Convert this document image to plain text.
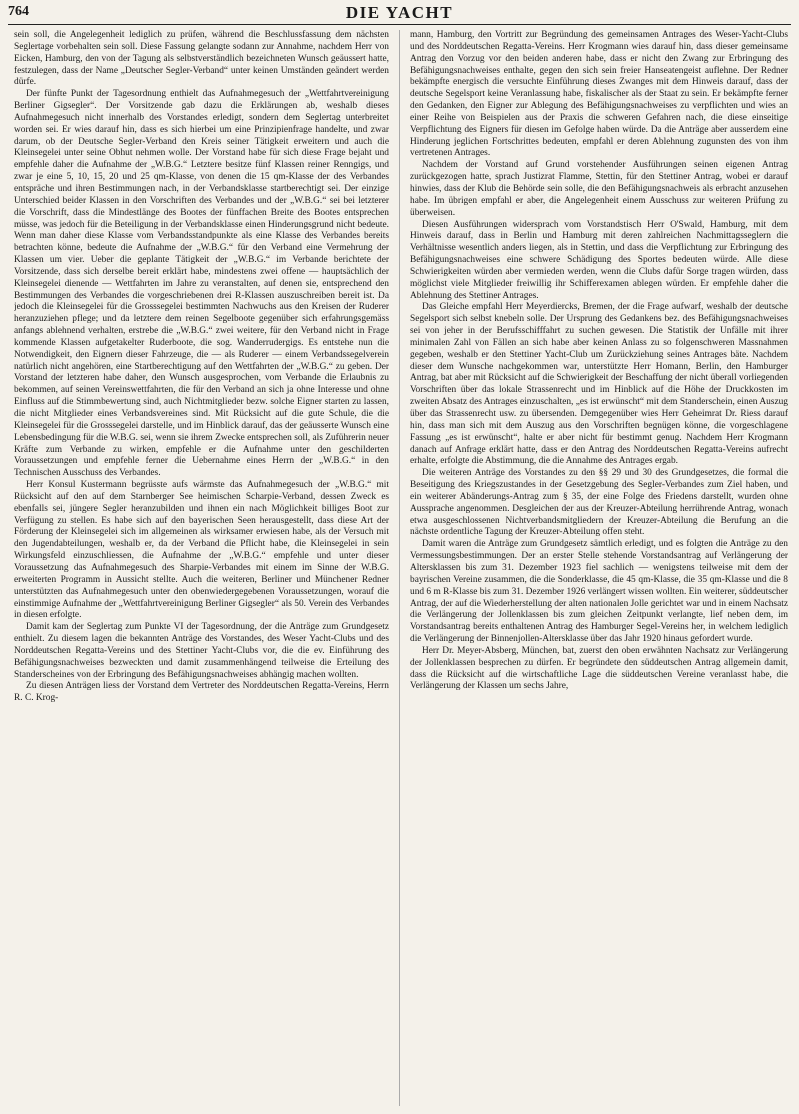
764	DIE YACHT

sein soll, die Angelegenheit lediglich zu prüfen, während die Beschlussfassung dem nächsten Seglertage vorbehalten sein soll. Diese Fassung gelangte sodann zur Annahme, nachdem Herr von Eicken, Hamburg, den von der Tagung als selbstverständlich bezeichneten Wunsch geäussert hatte, festzulegen, dass der Name „Deutscher Segler-Verband“ unter keinen Umständen geändert werden dürfe.

Der fünfte Punkt der Tagesordnung enthielt das Aufnahmegesuch der „Wettfahrtvereinigung Berliner Gigsegler“. Der Vorsitzende gab dazu die Erklärungen ab, weshalb dieses Aufnahmegesuch nicht innerhalb des Vorstandes erledigt, sondern dem Seglertag unterbreitet worden sei. Er wies darauf hin, dass es sich hierbei um eine Prinzipienfrage handelte, und zwar darum, ob der Deutsche Segler-Verband den Kreis seiner Tätigkeit erweitern und auch die Kleinsegelei unter seine Obhut nehmen wolle. Der Vorstand habe für sich diese Frage bejaht und empfehle daher die Aufnahme der „W.B.G.“ Letztere besitze fünf Klassen reiner Renngigs, und zwar je eine 5, 10, 15, 20 und 25 qm-Klasse, von denen die 15 qm-Klasse der des Verbandes entspräche und ihren Bestimmungen nach, in der Verbandsklasse startberechtigt sei. Der einzige Unterschied beider Klassen in den Vorschriften des Verbandes und der „W.B.G.“ sei bei letzterer die Vorschrift, dass die Mindestlänge des Bootes der fünffachen Breite des Bootes entsprechen müsse, was jedoch für die Beteiligung in der Verbandsklasse einen Hinderungsgrund nicht bedeute. Wenn man daher diese Klasse vom Verbandsstandpunkte als eine Klasse des Verbandes bereits betrachten könne, bedeute die Aufnahme der „W.B.G.“ für den Verband eine Vermehrung der Klassen um vier. Ueber die geplante Tätigkeit der „W.B.G.“ im Verbande berichtete der Vorsitzende, dass sich derselbe bereit erklärt habe, mindestens zwei offene — hauptsächlich der Kleinsegelei dienende — Wettfahrten im Jahre zu veranstalten, auf denen sie, entsprechend den Bestimmungen des Verbandes die vorgeschriebenen drei R-Klassen auszuschreiben bereit ist. Da jedoch die Kleinsegelei für die Grosssegelei bestimmten Nachwuchs aus den Kreisen der Ruderer heranzuziehen pflege; und da letztere dem reinen Segelboote gegenüber sich erfahrungsgemäss anfangs ablehnend verhalten, erstrebe die „W.B.G.“ zwei weitere, für den Verband nicht in Frage kommende Klassen aufgetakelter Ruderboote, die sog. Wanderrudergigs. Es entstehe nun die Notwendigkeit, den Eignern dieser Fahrzeuge, die — als Ruderer — einem Verbandssegelverein natürlich nicht angehören, eine Startberechtigung auf den Wettfahrten der „W.B.G.“ zu geben. Der Vorstand der letzteren habe daher, den Wunsch ausgesprochen, vom Verbande die Erlaubnis zu bekommen, auf seinen Vereinswettfahrten, die für den Verband an sich ja ohne Interesse und ohne Einfluss auf die Stimmbewertung sind, auch Nichtmitglieder bezw. solche Eigner starten zu lassen, die nicht Mitglieder eines Verbandsvereines sind. Mit Rücksicht auf die gute Schule, die die Kleinsegelei für die Grosssegelei darstelle, und im Hinblick darauf, das der geäusserte Wunsch eine Lebensbedingung für die W.B.G. sei, wenn sie ihrem Zwecke entsprechen soll, als Zuführerin neuer Kräfte zum Verbande zu wirken, empfehle er die Aufnahme unter den geschilderten Voraussetzungen und empfehle ferner die Uebernahme eines Herrn der „W.B.G.“ in den Technischen Ausschuss des Verbandes.

Herr Konsul Kustermann begrüsste aufs wärmste das Aufnahmegesuch der „W.B.G.“ mit Rücksicht auf den auf dem Starnberger See heimischen Scharpie-Verband, dessen Zweck es ebenfalls sei, jüngere Segler heranzubilden und ihnen ein nach Möglichkeit billiges Boot zur Verfügung zu stellen. Es habe sich auf den bayerischen Seen herausgestellt, dass diese Art der Förderung der Kleinsegelei sich im allgemeinen als wirksamer erwiesen habe, als der Versuch mit den Jugendabteilungen, weshalb er, da der Verband die Pflicht habe, die Kleinsegelei in sein Wirkungsfeld einzuschliessen, die Aufnahme der „W.B.G.“ empfehle und unter dieser Voraussetzung das Aufnahmegesuch des Sharpie-Verbandes mit einem im Sinne der W.B.G. erweiterten Programm in Aussicht stellte. Auch die weiteren, Berliner und Münchener Redner unterstützten das Aufnahmegesuch unter den obenwiedergegebenen Voraussetzungen, worauf die einstimmige Aufnahme der „Wettfahrtvereinigung Berliner Gigsegler“ als 50. Verein des Verbandes in diesen erfolgte.

Damit kam der Seglertag zum Punkte VI der Tagesordnung, der die Anträge zum Grundgesetz enthielt. Zu diesem lagen die bekannten Anträge des Vorstandes, des Weser Yacht-Clubs und des Norddeutschen Regatta-Vereins und des Stettiner Yacht-Clubs vor, die die ev. Einführung des Befähigungsnachweises bezweckten und damit zusammenhängend teilweise die Erteilung des Standerscheines von der Erbringung des Befähigungsnachweises abhängig machen wollten.

Zu diesen Anträgen liess der Vorstand dem Vertreter des Norddeutschen Regatta-Vereins, Herrn R. C. Krog-

mann, Hamburg, den Vortritt zur Begründung des gemeinsamen Antrages des Weser-Yacht-Clubs und des Norddeutschen Regatta-Vereins. Herr Krogmann wies darauf hin, dass dieser gemeinsame Antrag den Vorzug vor den beiden anderen habe, dass er nicht den Zwang zur Erbringung des Befähigungsnachweises enthalte, gegen den sich sein freier Hanseatengeist auflehne. Der Redner bekämpfte energisch die versuchte Einführung dieses Zwanges mit dem Hinweis darauf, dass der deutsche Segelsport keine Veranlassung habe, fiskalischer als der Staat zu sein. Er bekämpfte ferner den Gedanken, den Eigner zur Ablegung des Befähigungsnachweises zu verpflichten und wies an einer Reihe von Beispielen aus der Praxis die schweren Gefahren nach, die diese einseitige Verpflichtung des Eigners für diesen im Gefolge haben würde. Da die Anträge aber ausserdem eine Hinderung jeglichen Fortschrittes bedeuten, empfahl er deren Ablehnung zugunsten des von ihm vertretenen Antrages.

Nachdem der Vorstand auf Grund vorstehender Ausführungen seinen eigenen Antrag zurückgezogen hatte, sprach Justizrat Flamme, Stettin, für den Stettiner Antrag, wobei er darauf hinwies, dass der Klub die Behörde sein solle, die den Befähigungsnachweis als erbracht anzusehen habe. Im übrigen empfahl er aber, die Angelegenheit einem Ausschuss zur weiteren Prüfung zu überweisen.

Diesen Ausführungen widersprach vom Vorstandstisch Herr O'Swald, Hamburg, mit dem Hinweis darauf, dass in Berlin und Hamburg mit deren zahlreichen Nachmittagsseglern die Verhältnisse wesentlich anders liegen, als in Stettin, und dass die Verpflichtung zur Erbringung des Befähigungsnachweises eine schwere Schädigung des Sportes bedeuten würde. Alle diese Schwierigkeiten würden aber vermieden werden, wenn die Clubs dafür Sorge tragen würden, dass möglichst viele Mitglieder freiwillig ihr Schifferexamen ablegen würden. Er empfehle daher die Ablehnung des Stettiner Antrages.

Das Gleiche empfahl Herr Meyerdiercks, Bremen, der die Frage aufwarf, weshalb der deutsche Segelsport sich selbst knebeln solle. Der Ursprung des Gedankens bez. des Befähigungsnachweises sei von jeher in der Berufsschifffahrt zu suchen gewesen. Die Statistik der Unfälle mit ihrer minimalen Zahl von Fällen an sich habe aber keinen Anlass zu so folgenschweren Massnahmen gegeben, weshalb er den Stettiner Yacht-Club um Zurückziehung seines Antrages bäte. Nachdem dieser dem Wunsche nachgekommen war, unterstützte Herr Homann, Berlin, den Hamburger Antrag, bat aber mit Rücksicht auf die Schwierigkeit der Beschaffung der nicht überall vorliegenden Vorschriften über das lokale Strassenrecht und im Hinblick auf die Höhe der Druckkosten im zweiten Absatz des Antrages einzuschalten, „es ist erwünscht“ mit dem Standerschein, einen Auszug über das Strassenrecht usw. zu übersenden. Demgegenüber wies Herr Geheimrat Dr. Riess darauf hin, dass man sich mit dem Auszug aus den Vorschriften begnügen könne, die vorgeschlagene Fassung „es ist erwünscht“, halte er aber nicht für bestimmt genug. Nachdem Herr Krogmann danach auf Anfrage erklärt hatte, dass er den Antrag des Norddeutschen Regatta-Vereins aufrecht erhalte, erfolgte die Abstimmung, die die Annahme des Antrages ergab.

Die weiteren Anträge des Vorstandes zu den §§ 29 und 30 des Grundgesetzes, die formal die Beseitigung des Kriegszustandes in der Gesetzgebung des Segler-Verbandes zum Ziel haben, und ein weiterer Abänderungs-Antrag zum § 35, der eine Folge des Friedens darstellt, wurden ohne Aussprache angenommen. Desgleichen der aus der Kreuzer-Abteilung herrührende Antrag, wonach etwa ausgeschlossenen Nichtverbandsmitgliedern der Kreuzer-Abteilung die Berufung an die nächste ordentliche Tagung der Kreuzer-Abteilung offen steht.

Damit waren die Anträge zum Grundgesetz sämtlich erledigt, und es folgten die Anträge zu den Vermessungsbestimmungen. Der an erster Stelle stehende Vorstandsantrag auf Verlängerung der Altersklassen bis zum 31. Dezember 1923 fiel sachlich — wenigstens teilweise mit dem der bayrischen Vereine zusammen, die die Sonderklasse, die 45 qm-Klasse, die 35 qm-Klasse und die 8 und 6 m R-Klasse bis zum 31. Dezember 1926 verlängert wissen wollten. Ein weiterer, süddeutscher Antrag, der auf die Wiederherstellung der alten nationalen Jolle gerichtet war und in einem Nachsatz die Verlängerung der Jollenklassen bis zum gleichen Zeitpunkt verlangte, lief neben dem, im Vorstandsantrag bereits enthaltenen Antrag des Hamburger Segel-Vereins her, in welchem lediglich die Verlängerung der Binnenjollen-Altersklasse über das Jahr 1920 hinaus gefordert wurde.

Herr Dr. Meyer-Absberg, München, bat, zuerst den oben erwähnten Nachsatz zur Verlängerung der Jollenklassen besprechen zu dürfen. Er begründete den süddeutschen Antrag allgemein damit, dass die Rücksicht auf die wirtschaftliche Lage die süddeutschen Vereine veranlasst habe, die Verlängerung der Klassen um sechs Jahre,
